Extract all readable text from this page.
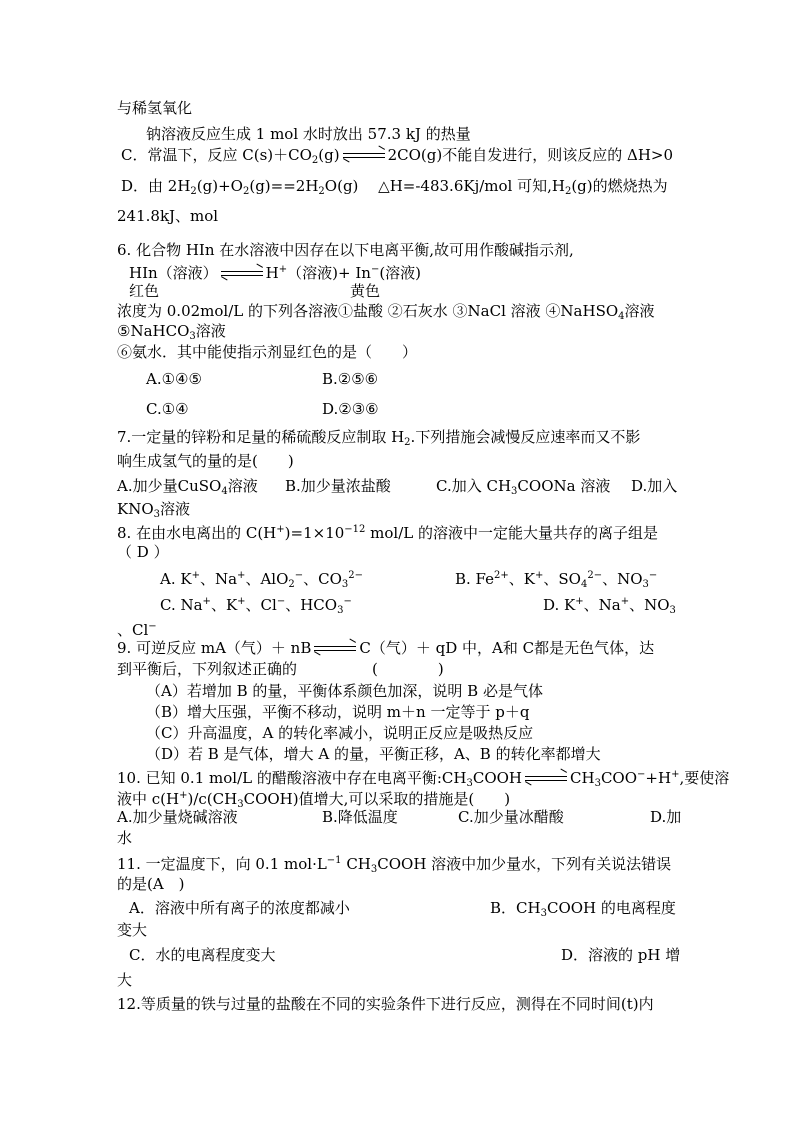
与稀氢氧化
钠溶液反应生成 1 mol 水时放出 57.3 kJ 的热量
C．常温下，反应 $C(s)+CO_2(g)$ ⇌ 2CO(g)不能自发进行，则该反应的 ΔH>0
D．由 $2H_2(g)+O_2(g)==2H_2O(g)$　 △H=-483.6Kj/mol 可知$,H_2(g)$的燃烧热为
241.8kJ、mol
6. 化合物 HIn 在水溶液中因存在以下电离平衡,故可用作酸碱指示剂,
HIn（溶液） ⇌ H+（溶液)+ In−(溶液)
红色	黄色
浓度为 0.02mol/L 的下列各溶液①盐酸 ②石灰水 ③NaCl 溶液 ④NaHSO$_4$溶液
⑤NaHCO$_3$溶液
⑥氨水．其中能使指示剂显红色的是（　　）
A.①④⑤	B.②⑤⑥
C.①④	D.②③⑥
7.一定量的锌粉和足量的稀硫酸反应制取 $H_2$.下列措施会减慢反应速率而又不影
响生成氢气的量的是(　　)
A.加少量CuSO$_4$溶液 B.加少量浓盐酸	C.加入 $CH_3COONa$ 溶液 D.加入
$KNO_3$溶液
8. 在由水电离出的 $C(H^+)=1\times 10^{-12}$ mol/L 的溶液中一定能大量共存的离子组是
（ D ）
A. K+、Na+、AlO$_2$−、$CO_3^{2-}$	B. $Fe^{2+}$、K+、$SO_4^{2-}$、$NO_3^-$
C. Na+、K+、Cl−、$HCO_3^-$	D. K+、Na+、$NO_3$
、Cl−
9. 可逆反应 mA（气）＋ nB ⇌ C（气）＋ qD 中，A和 C都是无色气体，达
到平衡后，下列叙述正确的　　　　　(　　　　)
（A）若增加 B 的量，平衡体系颜色加深，说明 B 必是气体
（B）增大压强，平衡不移动，说明 m＋n 一定等于 p＋q
（C）升高温度，A 的转化率减小，说明正反应是吸热反应
（D）若 B 是气体，增大 A 的量，平衡正移，A、B 的转化率都增大
10. 已知 0.1 mol/L 的醋酸溶液中存在电离平衡$:CH_3COOH$ ⇌ $CH_3COO^-+H^+$,要使溶
液中 $c(H^+)/c(CH_3COOH)$值增大,可以采取的措施是(　　)
A.加少量烧碱溶液	B.降低温度	C.加少量冰醋酸	D.加
水
11. 一定温度下，向 0.1 $mol\cdot L^{-1}$ $CH_3COOH$ 溶液中加少量水，下列有关说法错误
的是(A　)
A．溶液中所有离子的浓度都减小	B．$CH_3COOH$ 的电离程度
变大
C．水的电离程度变大	D．溶液的 pH 增
大
12.等质量的铁与过量的盐酸在不同的实验条件下进行反应，测得在不同时间(t)内
